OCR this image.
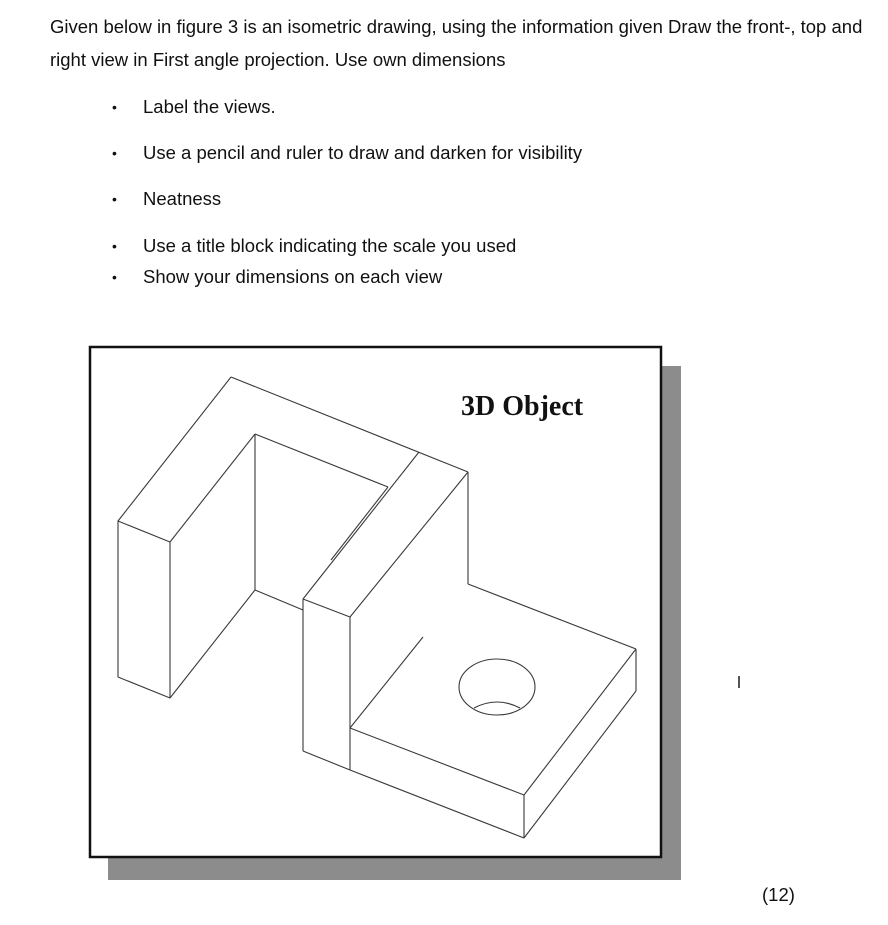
Given below in figure 3 is an isometric drawing, using the information given Draw the front-, top and right view in First angle projection. Use own dimensions

• Label the views.
• Use a pencil and ruler to draw and darken for visibility
• Neatness
• Use a title block indicating the scale you used
• Show your dimensions on each view
3D Object
(12)
